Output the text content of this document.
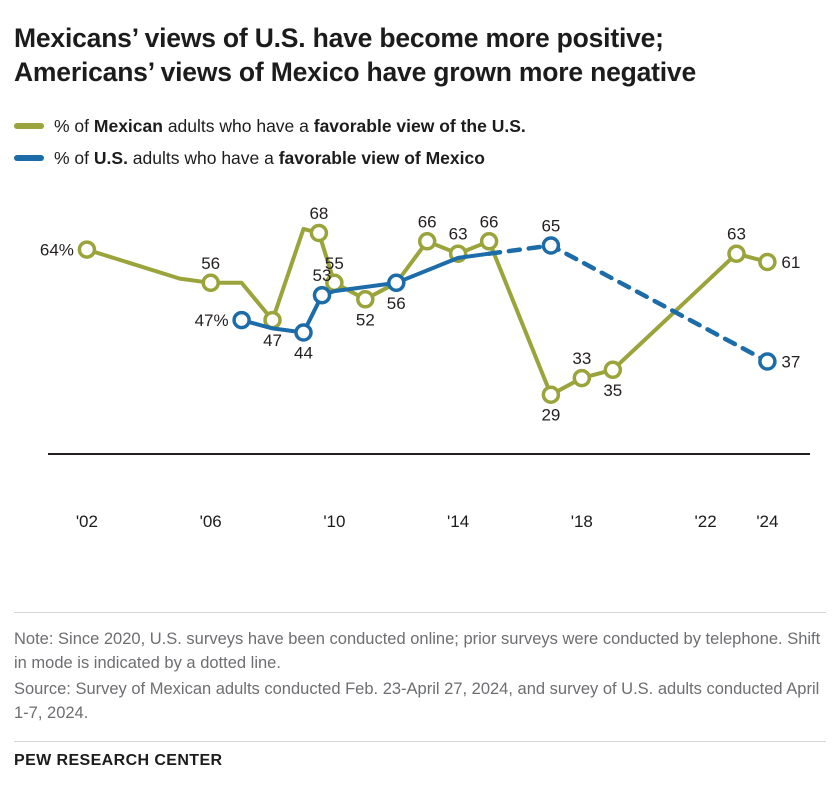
Mexicans’ views of U.S. have become more positive; Americans’ views of Mexico have grown more negative
% of Mexican adults who have a favorable view of the U.S.
% of U.S. adults who have a favorable view of Mexico
64%
56
47
68
55
52
66
63
66
29
33
35
63
61
47%
44
53
56
65
37
'02	'06	'10	'14	'18	'22 '24
Note: Since 2020, U.S. surveys have been conducted online; prior surveys were conducted by telephone. Shift in mode is indicated by a dotted line.
Source: Survey of Mexican adults conducted Feb. 23-April 27, 2024, and survey of U.S. adults conducted April 1-7, 2024.
PEW RESEARCH CENTER
